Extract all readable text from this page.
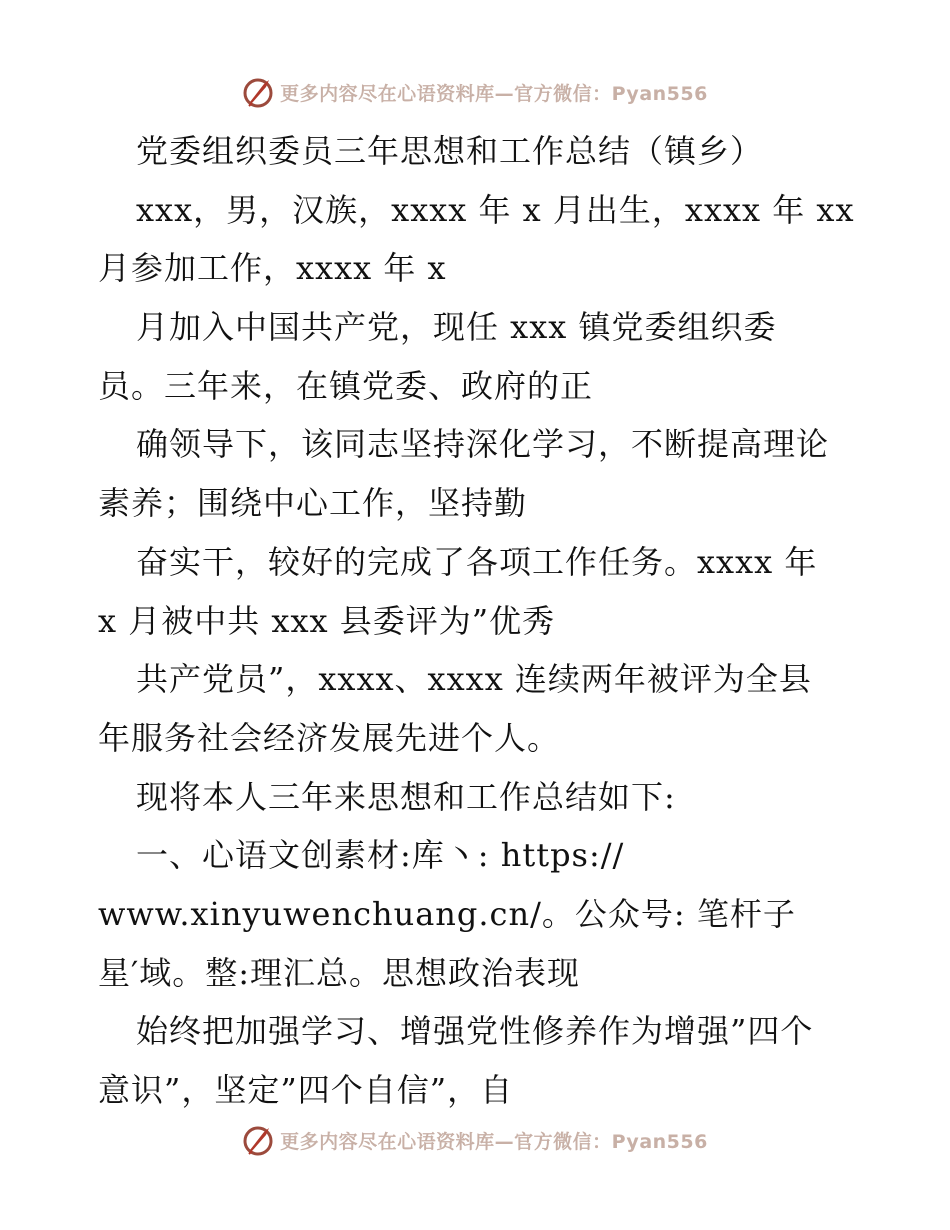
更多内容尽在心语资料库—官方微信：Pyan556
党委组织委员三年思想和工作总结（镇乡）
xxx，男，汉族，xxxx 年 x 月出生，xxxx 年 xx
月参加工作，xxxx 年 x
月加入中国共产党，现任 xxx 镇党委组织委
员。三年来，在镇党委、政府的正
确领导下，该同志坚持深化学习，不断提高理论
素养；围绕中心工作，坚持勤
奋实干，较好的完成了各项工作任务。xxxx 年
x 月被中共 xxx 县委评为”优秀
共产党员”，xxxx、xxxx 连续两年被评为全县
年服务社会经济发展先进个人。
现将本人三年来思想和工作总结如下:
一、心语文创素材:库丶: https://
www.xinyuwenchuang.cn/。公众号: 笔杆子
星′域。整:理汇总。思想政治表现
始终把加强学习、增强党性修养作为增强”四个
意识”，坚定”四个自信”，自
更多内容尽在心语资料库—官方微信：Pyan556
